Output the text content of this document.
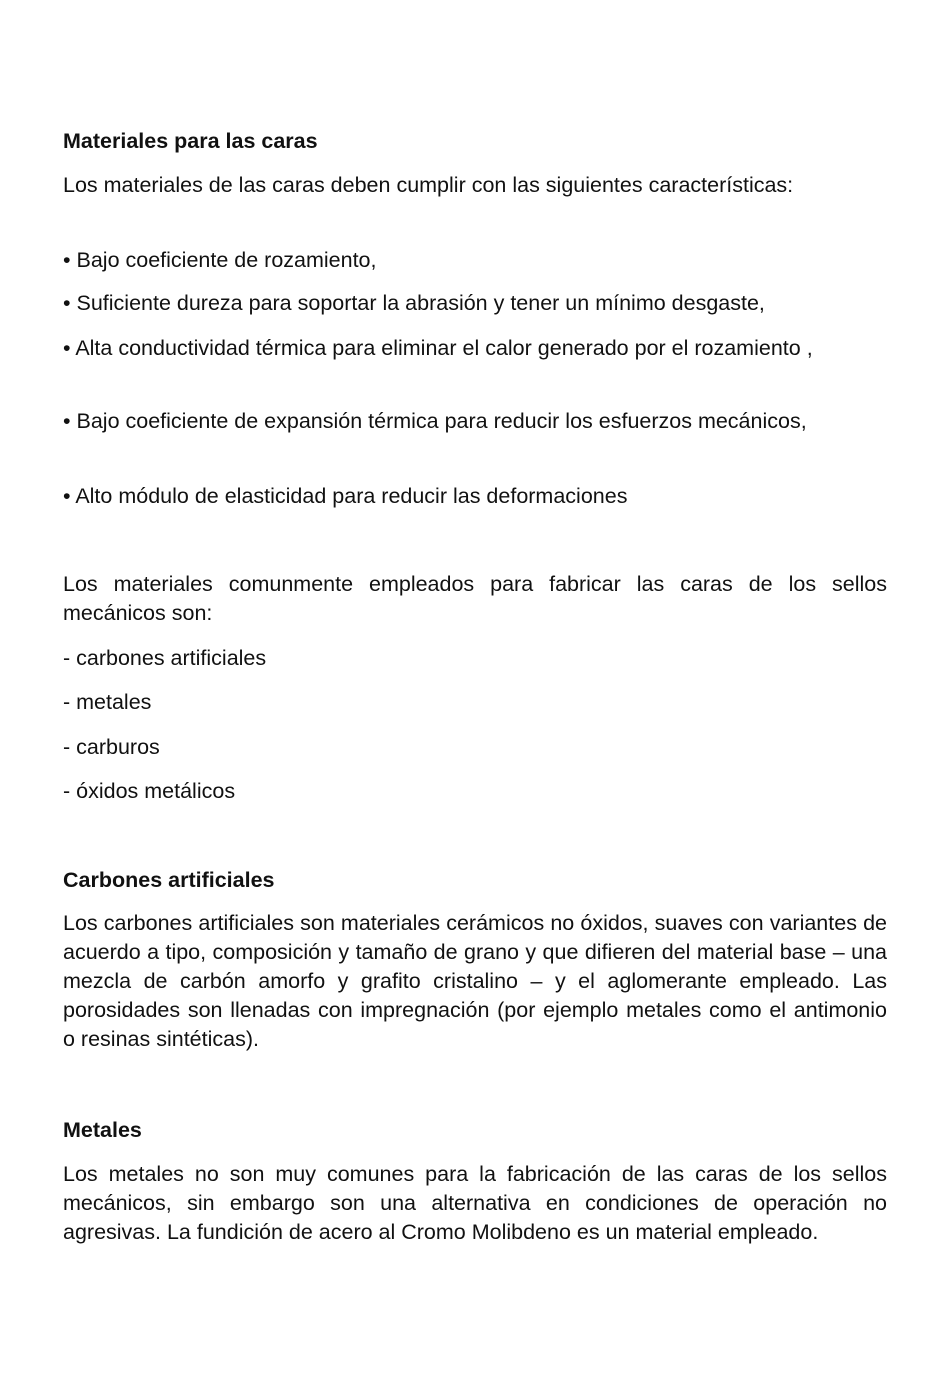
Materiales para las caras

Los materiales de las caras deben cumplir con las siguientes características:

• Bajo coeficiente de rozamiento,

• Suficiente dureza para soportar la abrasión y tener un mínimo desgaste,

• Alta conductividad térmica para eliminar el calor generado por el rozamiento ,

• Bajo coeficiente de expansión térmica para reducir los esfuerzos mecánicos,

• Alto módulo de elasticidad para reducir las deformaciones

Los materiales comunmente empleados para fabricar las caras de los sellos mecánicos son:

- carbones artificiales

- metales

- carburos

- óxidos metálicos

Carbones artificiales

Los carbones artificiales son materiales cerámicos no óxidos, suaves con variantes de acuerdo a tipo, composición y tamaño de grano y que difieren del material base – una mezcla de carbón amorfo y grafito cristalino – y el aglomerante empleado. Las porosidades son llenadas con impregnación (por ejemplo metales como el antimonio o resinas sintéticas).

Metales

Los metales no son muy comunes para la fabricación de las caras de los sellos mecánicos, sin embargo son una alternativa en condiciones de operación no agresivas. La fundición de acero al Cromo Molibdeno es un material empleado.
